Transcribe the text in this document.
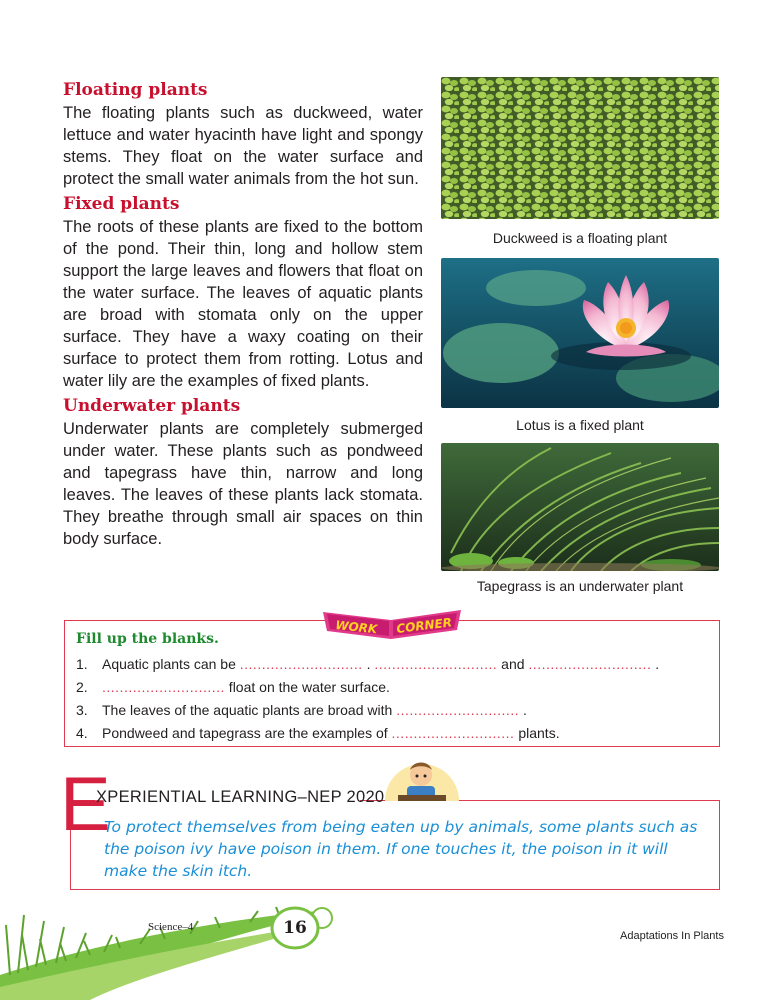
Floating plants

The floating plants such as duckweed, water lettuce and water hyacinth have light and spongy stems. They float on the water surface and protect the small water animals from the hot sun.

Fixed plants

The roots of these plants are fixed to the bottom of the pond. Their thin, long and hollow stem support the large leaves and flowers that float on the water surface. The leaves of aquatic plants are broad with stomata only on the upper surface. They have a waxy coating on their surface to protect them from rotting. Lotus and water lily are the examples of fixed plants.

Underwater plants

Underwater plants are completely submerged under water. These plants such as pondweed and tapegrass have thin, narrow and long leaves. The leaves of these plants lack stomata. They breathe through small air spaces on thin body surface.

Duckweed is a floating plant
Lotus is a fixed plant
Tapegrass is an underwater plant
Fill up the blanks.
1. Aquatic plants can be ............................ . ............................ and ............................ .
2. ............................ float on the water surface.
3. The leaves of the aquatic plants are broad with ............................ .
4. Pondweed and tapegrass are the examples of ............................ plants.
WORK CORNER
E
XPERIENTIAL LEARNING–NEP 2020
To protect themselves from being eaten up by animals, some plants such as the poison ivy have poison in them. If one touches it, the poison in it will make the skin itch.
Science–4	16	Adaptations In Plants
